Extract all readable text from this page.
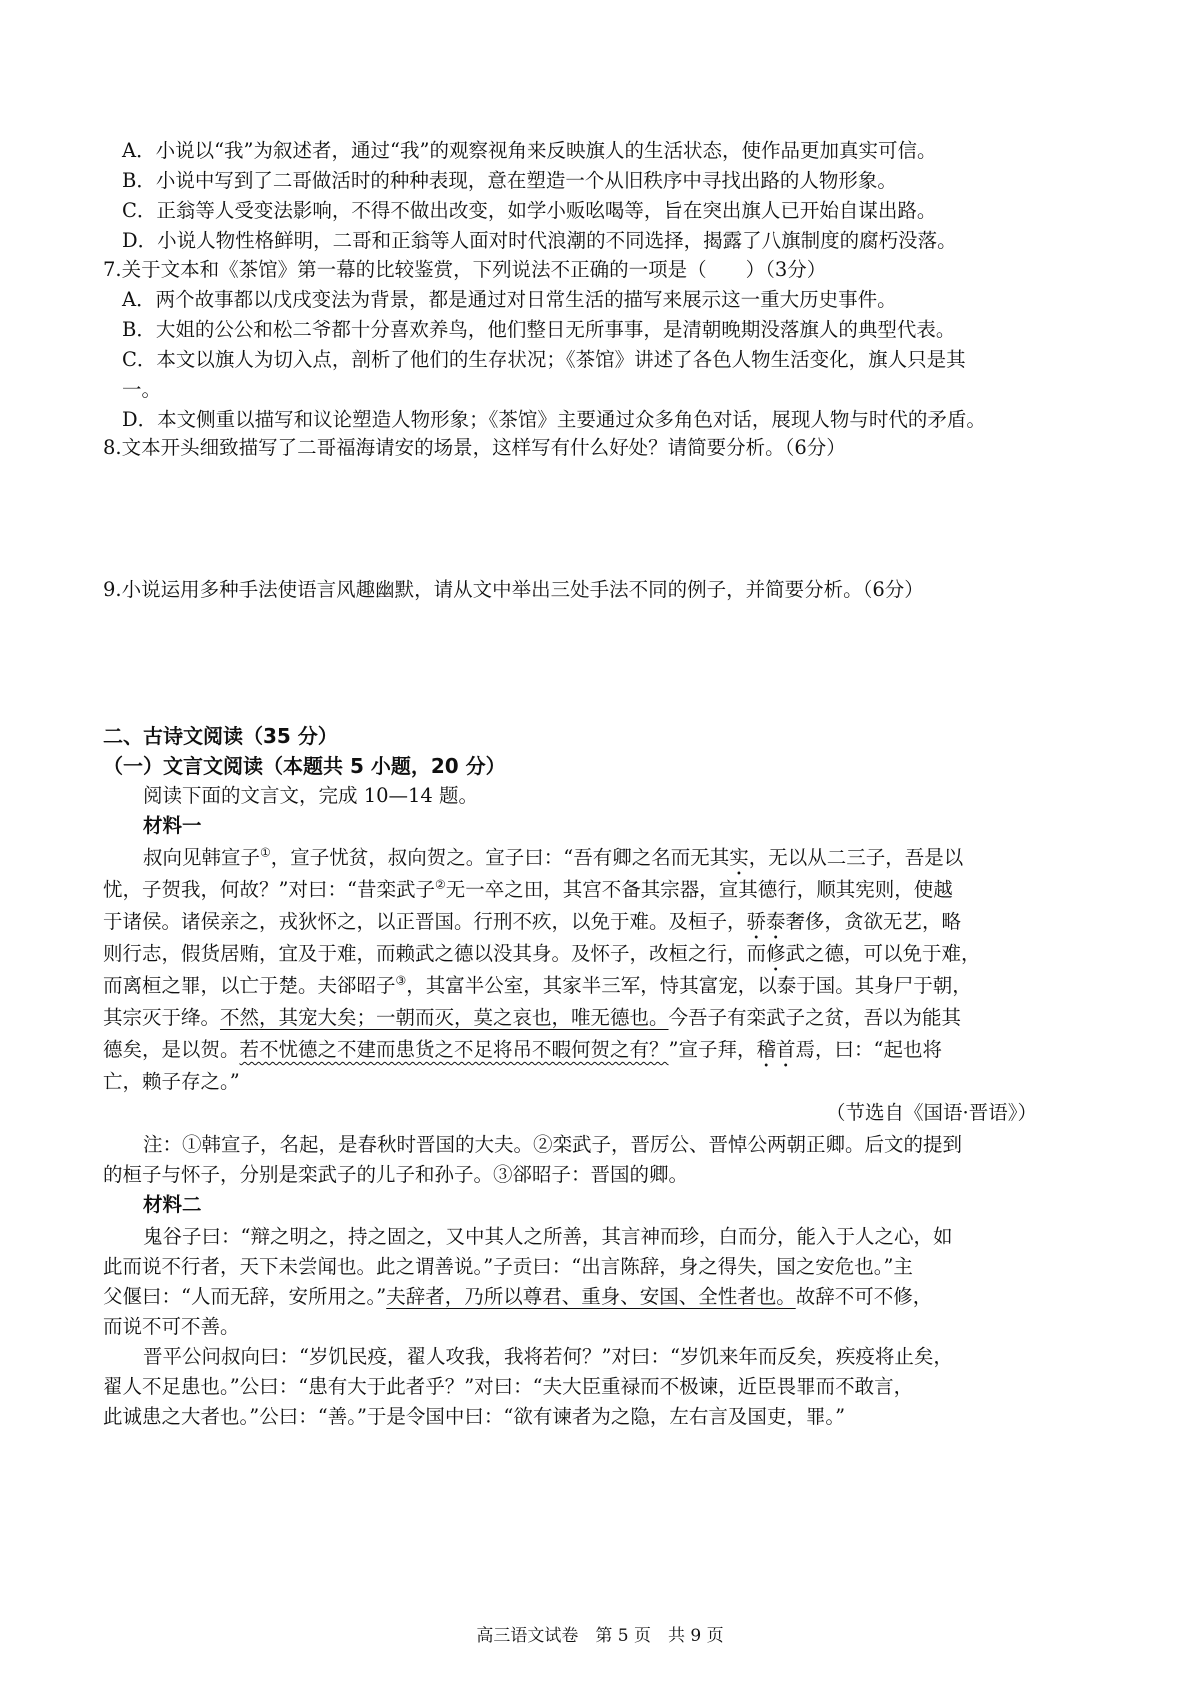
A．小说以“我”为叙述者，通过“我”的观察视角来反映旗人的生活状态，使作品更加真实可信。
B．小说中写到了二哥做活时的种种表现，意在塑造一个从旧秩序中寻找出路的人物形象。
C．正翁等人受变法影响，不得不做出改变，如学小贩吆喝等，旨在突出旗人已开始自谋出路。
D．小说人物性格鲜明，二哥和正翁等人面对时代浪潮的不同选择，揭露了八旗制度的腐朽没落。
7.关于文本和《茶馆》第一幕的比较鉴赏，下列说法不正确的一项是（　　）（3分）
A．两个故事都以戊戌变法为背景，都是通过对日常生活的描写来展示这一重大历史事件。
B．大姐的公公和松二爷都十分喜欢养鸟，他们整日无所事事，是清朝晚期没落旗人的典型代表。
C．本文以旗人为切入点，剖析了他们的生存状况；《茶馆》讲述了各色人物生活变化，旗人只是其
一。
D．本文侧重以描写和议论塑造人物形象；《茶馆》主要通过众多角色对话，展现人物与时代的矛盾。
8.文本开头细致描写了二哥福海请安的场景，这样写有什么好处？请简要分析。（6分）
9.小说运用多种手法使语言风趣幽默，请从文中举出三处手法不同的例子，并简要分析。（6分）
二、古诗文阅读（35 分）
（一）文言文阅读（本题共 5 小题，20 分）
阅读下面的文言文，完成 10—14 题。
材料一
叔向见韩宣子①，宣子忧贫，叔向贺之。宣子曰：“吾有卿之名而无其实，无以从二三子，吾是以
忧，子贺我，何故？”对曰：“昔栾武子②无一卒之田，其宫不备其宗器，宣其德行，顺其宪则，使越
于诸侯。诸侯亲之，戎狄怀之，以正晋国。行刑不疚，以免于难。及桓子，骄泰奢侈，贪欲无艺，略
则行志，假货居贿，宜及于难，而赖武之德以没其身。及怀子，改桓之行，而修武之德，可以免于难，
而离桓之罪，以亡于楚。夫郤昭子③，其富半公室，其家半三军，恃其富宠，以泰于国。其身尸于朝，
其宗灭于绛。不然，其宠大矣；一朝而灭，莫之哀也，唯无德也。今吾子有栾武子之贫，吾以为能其
德矣，是以贺。若不忧德之不建而患货之不足将吊不暇何贺之有？”宣子拜，稽首焉，曰：“起也将
亡，赖子存之。”
（节选自《国语·晋语》）
注：①韩宣子，名起，是春秋时晋国的大夫。②栾武子，晋厉公、晋悼公两朝正卿。后文的提到
的桓子与怀子，分别是栾武子的儿子和孙子。③郤昭子：晋国的卿。
材料二
鬼谷子曰：“辩之明之，持之固之，又中其人之所善，其言神而珍，白而分，能入于人之心，如
此而说不行者，天下未尝闻也。此之谓善说。”子贡曰：“出言陈辞，身之得失，国之安危也。”主
父偃曰：“人而无辞，安所用之。”夫辞者，乃所以尊君、重身、安国、全性者也。故辞不可不修，
而说不可不善。
晋平公问叔向曰：“岁饥民疫，翟人攻我，我将若何？”对曰：“岁饥来年而反矣，疾疫将止矣，
翟人不足患也。”公曰：“患有大于此者乎？”对曰：“夫大臣重禄而不极谏，近臣畏罪而不敢言，
此诚患之大者也。”公曰：“善。”于是令国中曰：“欲有谏者为之隐，左右言及国吏，罪。”
高三语文试卷　第 5 页　共 9 页
